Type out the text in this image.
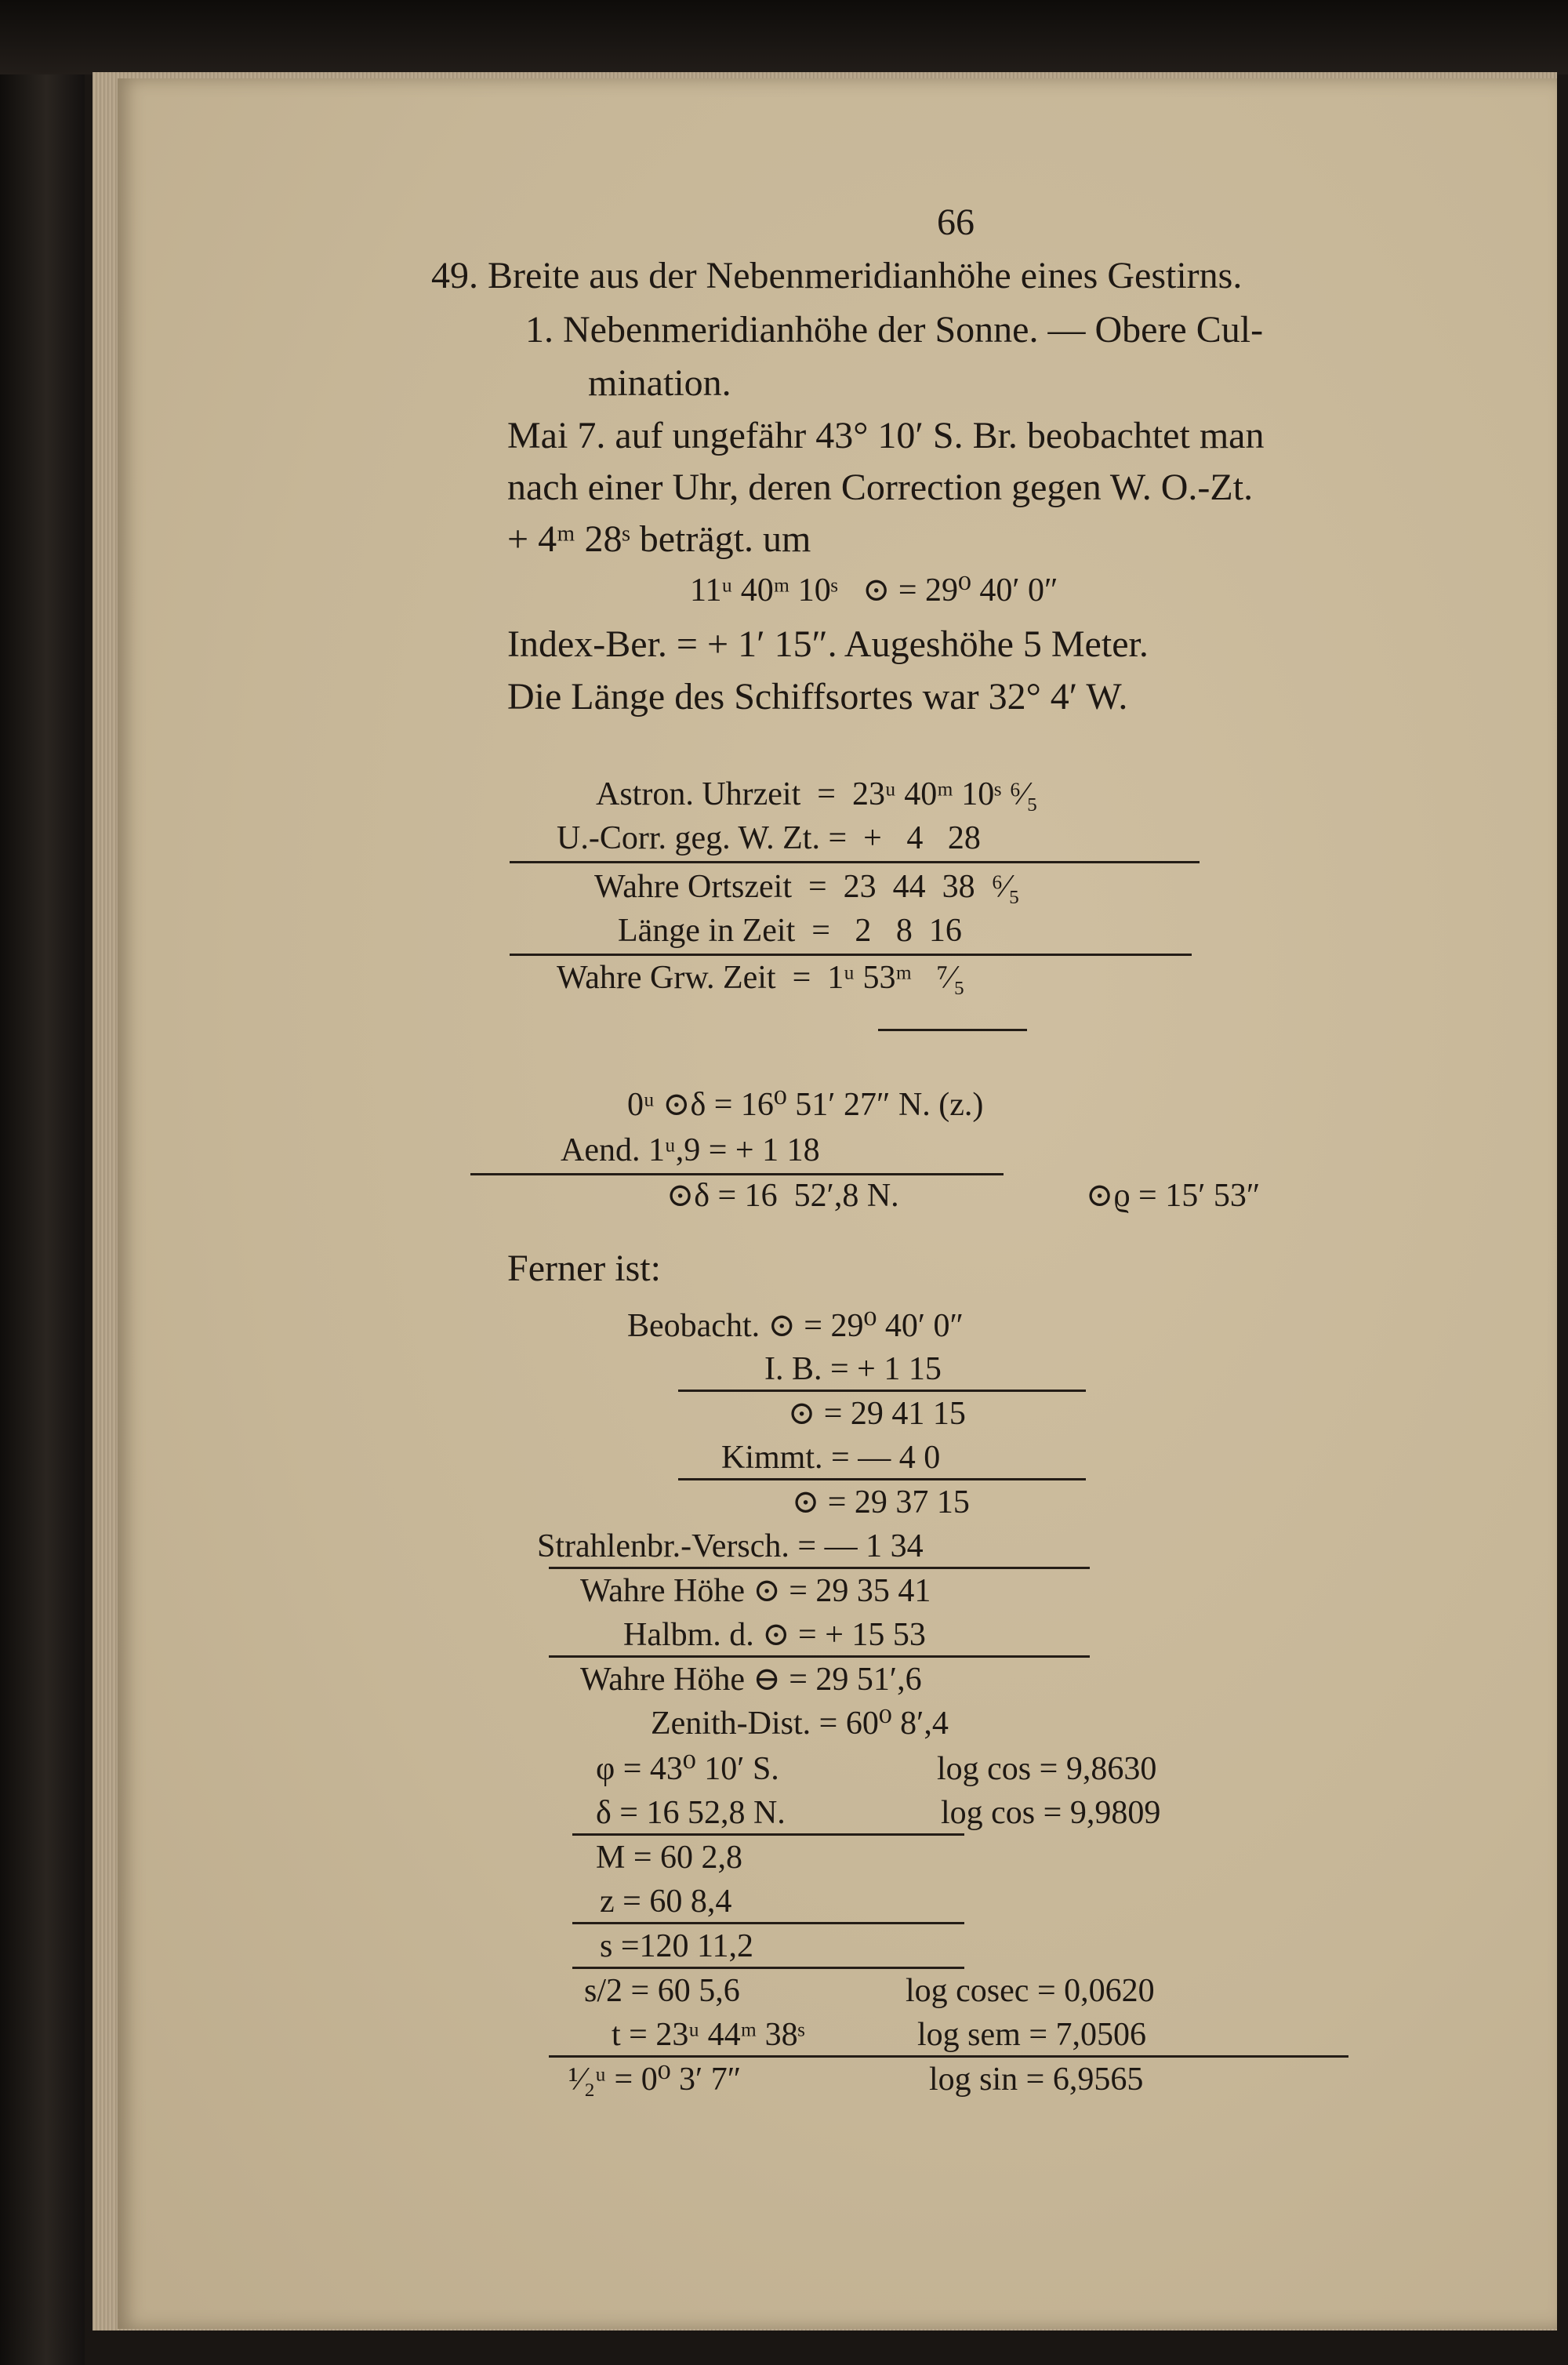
66
49. Breite aus der Nebenmeridianhöhe eines Gestirns.
1. Nebenmeridianhöhe der Sonne. — Obere Cul-
mination.
Mai 7. auf ungefähr 43° 10′ S. Br. beobachtet man
nach einer Uhr, deren Correction gegen W. O.-Zt.
+ 4ᵐ 28ˢ beträgt. um
11ᵘ 40ᵐ 10ˢ   ⊙ = 29⁰ 40′ 0″
Index-Ber. = + 1′ 15″. Augeshöhe 5 Meter.
Die Länge des Schiffsortes war 32° 4′ W.
Astron. Uhrzeit  =  23ᵘ 40ᵐ 10ˢ ⁶⁄₅
U.-Corr. geg. W. Zt. =  +   4   28
Wahre Ortszeit  =  23  44  38  ⁶⁄₅
Länge in Zeit  =   2   8  16
Wahre Grw. Zeit  =  1ᵘ 53ᵐ   ⁷⁄₅
0ᵘ ⊙δ = 16⁰ 51′ 27″ N. (z.)
Aend. 1ᵘ,9 = + 1 18
⊙δ = 16  52′,8 N.	⊙ϱ = 15′ 53″
Ferner ist:
Beobacht. ⊙ = 29⁰ 40′ 0″
I. B. = + 1 15
⊙ = 29 41 15
Kimmt. = — 4 0
⊙ = 29 37 15
Strahlenbr.-Versch. = — 1 34
Wahre Höhe ⊙ = 29 35 41
Halbm. d. ⊙ = + 15 53
Wahre Höhe ⊖ = 29 51′,6
Zenith-Dist. = 60⁰ 8′,4
φ = 43⁰ 10′ S.
δ = 16 52,8 N.
M = 60 2,8
z = 60 8,4
s =120 11,2
s/2 = 60 5,6
t = 23ᵘ 44ᵐ 38ˢ
¹⁄₂ᵘ = 0⁰ 3′ 7″
log cos = 9,8630
log cos = 9,9809
log cosec = 0,0620
log sem = 7,0506
log sin = 6,9565
